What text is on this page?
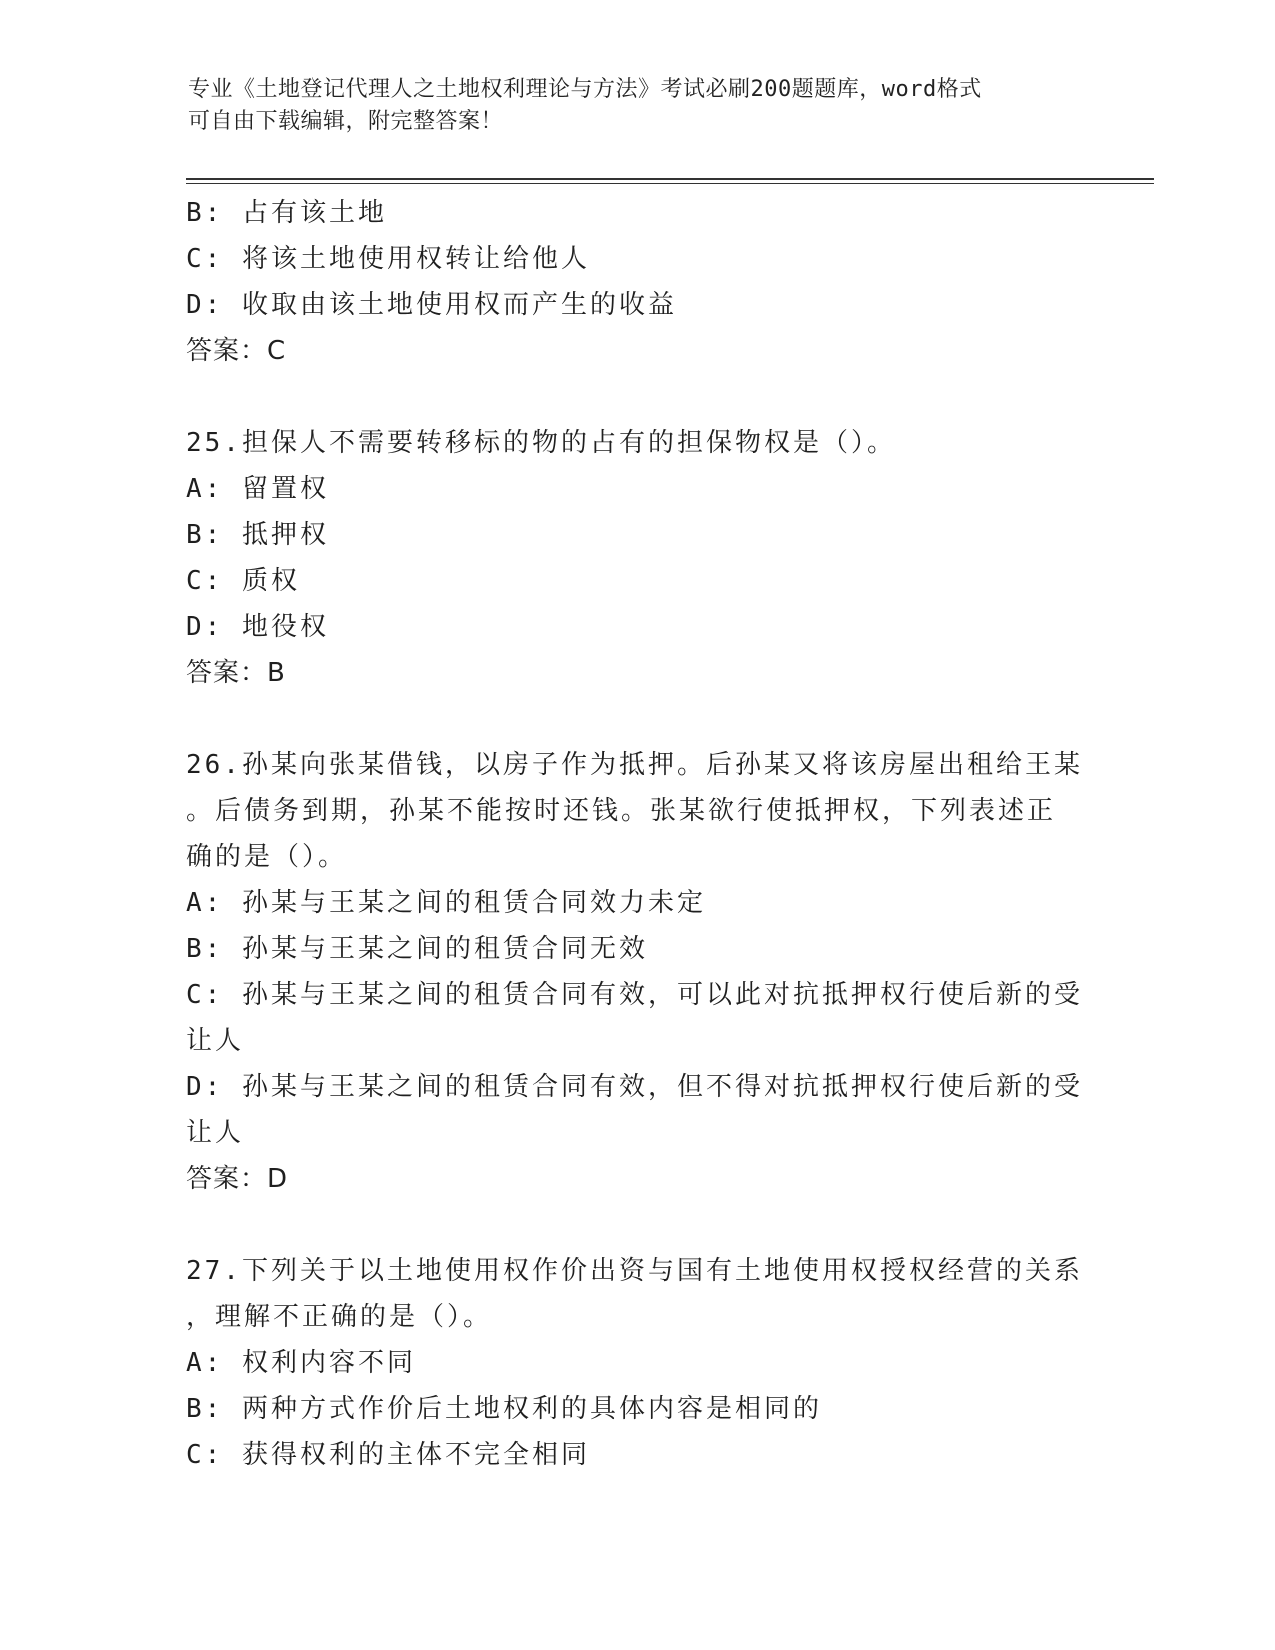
专业《土地登记代理人之土地权利理论与方法》考试必刷200题题库，word格式
可自由下载编辑，附完整答案！
B: 占有该土地
C: 将该土地使用权转让给他人
D: 收取由该土地使用权而产生的收益
答案：C
25.担保人不需要转移标的物的占有的担保物权是（）。
A: 留置权
B: 抵押权
C: 质权
D: 地役权
答案：B
26.孙某向张某借钱，以房子作为抵押。后孙某又将该房屋出租给王某
。后债务到期，孙某不能按时还钱。张某欲行使抵押权，下列表述正
确的是（）。
A: 孙某与王某之间的租赁合同效力未定
B: 孙某与王某之间的租赁合同无效
C: 孙某与王某之间的租赁合同有效，可以此对抗抵押权行使后新的受
让人
D: 孙某与王某之间的租赁合同有效，但不得对抗抵押权行使后新的受
让人
答案：D
27.下列关于以土地使用权作价出资与国有土地使用权授权经营的关系
，理解不正确的是（）。
A: 权利内容不同
B: 两种方式作价后土地权利的具体内容是相同的
C: 获得权利的主体不完全相同
